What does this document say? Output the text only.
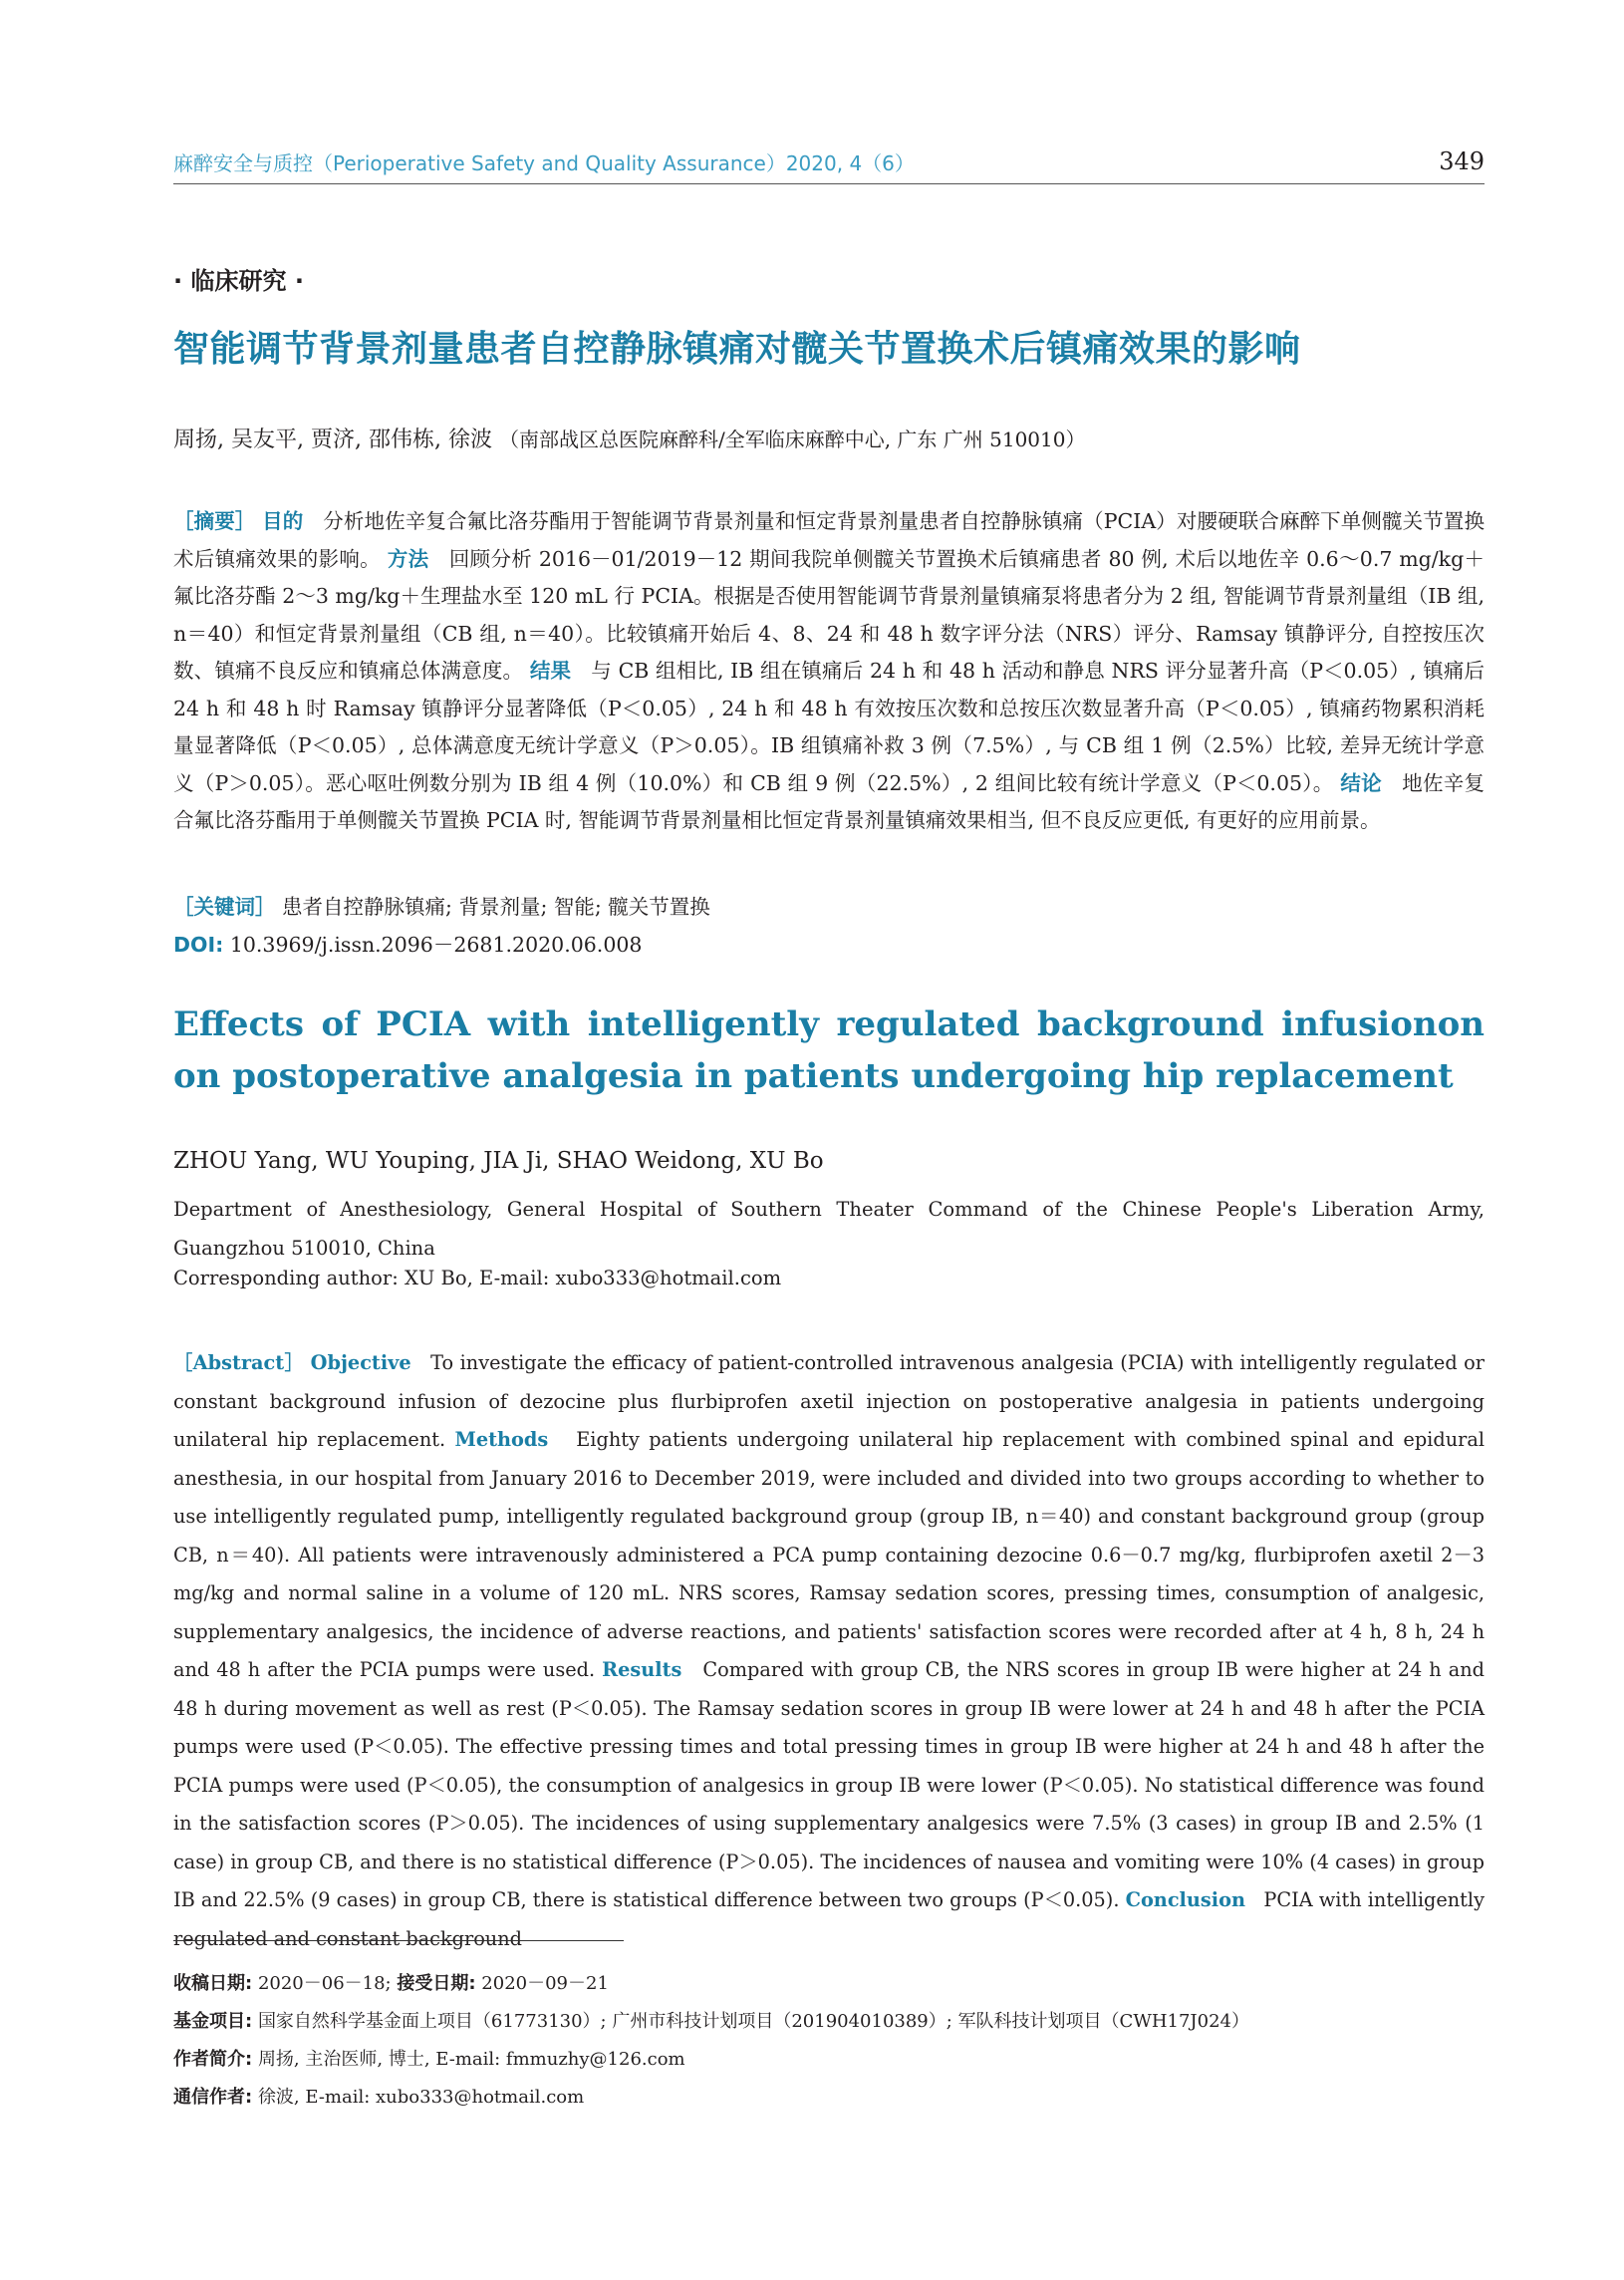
麻醉安全与质控（Perioperative Safety and Quality Assurance）2020, 4（6）	349
· 临床研究 ·
智能调节背景剂量患者自控静脉镇痛对髋关节置换术后镇痛效果的影响
周扬, 吴友平, 贾济, 邵伟栋, 徐波 （南部战区总医院麻醉科/全军临床麻醉中心, 广东 广州 510010）
［摘要］ 目的 分析地佐辛复合氟比洛芬酯用于智能调节背景剂量和恒定背景剂量患者自控静脉镇痛（PCIA）对腰硬联合麻醉下单侧髋关节置换术后镇痛效果的影响。 方法 回顾分析 2016－01/2019－12 期间我院单侧髋关节置换术后镇痛患者 80 例, 术后以地佐辛 0.6～0.7 mg/kg＋氟比洛芬酯 2～3 mg/kg＋生理盐水至 120 mL 行 PCIA。根据是否使用智能调节背景剂量镇痛泵将患者分为 2 组, 智能调节背景剂量组（IB 组, n＝40）和恒定背景剂量组（CB 组, n＝40）。比较镇痛开始后 4、8、24 和 48 h 数字评分法（NRS）评分、Ramsay 镇静评分, 自控按压次数、镇痛不良反应和镇痛总体满意度。 结果 与 CB 组相比, IB 组在镇痛后 24 h 和 48 h 活动和静息 NRS 评分显著升高（P＜0.05）, 镇痛后 24 h 和 48 h 时 Ramsay 镇静评分显著降低（P＜0.05）, 24 h 和 48 h 有效按压次数和总按压次数显著升高（P＜0.05）, 镇痛药物累积消耗量显著降低（P＜0.05）, 总体满意度无统计学意义（P＞0.05）。IB 组镇痛补救 3 例（7.5%）, 与 CB 组 1 例（2.5%）比较, 差异无统计学意义（P＞0.05）。恶心呕吐例数分别为 IB 组 4 例（10.0%）和 CB 组 9 例（22.5%）, 2 组间比较有统计学意义（P＜0.05）。 结论 地佐辛复合氟比洛芬酯用于单侧髋关节置换 PCIA 时, 智能调节背景剂量相比恒定背景剂量镇痛效果相当, 但不良反应更低, 有更好的应用前景。
［关键词］ 患者自控静脉镇痛; 背景剂量; 智能; 髋关节置换
DOI: 10.3969/j.issn.2096－2681.2020.06.008
Effects of PCIA with intelligently regulated background infusionon on postoperative analgesia in patients undergoing hip replacement
ZHOU Yang, WU Youping, JIA Ji, SHAO Weidong, XU Bo
Department of Anesthesiology, General Hospital of Southern Theater Command of the Chinese People's Liberation Army, Guangzhou 510010, China
Corresponding author: XU Bo, E-mail: xubo333@hotmail.com
［Abstract］ Objective To investigate the efficacy of patient-controlled intravenous analgesia (PCIA) with intelligently regulated or constant background infusion of dezocine plus flurbiprofen axetil injection on postoperative analgesia in patients undergoing unilateral hip replacement. Methods Eighty patients undergoing unilateral hip replacement with combined spinal and epidural anesthesia, in our hospital from January 2016 to December 2019, were included and divided into two groups according to whether to use intelligently regulated pump, intelligently regulated background group (group IB, n＝40) and constant background group (group CB, n＝40). All patients were intravenously administered a PCA pump containing dezocine 0.6－0.7 mg/kg, flurbiprofen axetil 2－3 mg/kg and normal saline in a volume of 120 mL. NRS scores, Ramsay sedation scores, pressing times, consumption of analgesic, supplementary analgesics, the incidence of adverse reactions, and patients' satisfaction scores were recorded after at 4 h, 8 h, 24 h and 48 h after the PCIA pumps were used. Results Compared with group CB, the NRS scores in group IB were higher at 24 h and 48 h during movement as well as rest (P＜0.05). The Ramsay sedation scores in group IB were lower at 24 h and 48 h after the PCIA pumps were used (P＜0.05). The effective pressing times and total pressing times in group IB were higher at 24 h and 48 h after the PCIA pumps were used (P＜0.05), the consumption of analgesics in group IB were lower (P＜0.05). No statistical difference was found in the satisfaction scores (P＞0.05). The incidences of using supplementary analgesics were 7.5% (3 cases) in group IB and 2.5% (1 case) in group CB, and there is no statistical difference (P＞0.05). The incidences of nausea and vomiting were 10% (4 cases) in group IB and 22.5% (9 cases) in group CB, there is statistical difference between two groups (P＜0.05). Conclusion PCIA with intelligently regulated and constant background
收稿日期: 2020－06－18; 接受日期: 2020－09－21
基金项目: 国家自然科学基金面上项目（61773130）; 广州市科技计划项目（201904010389）; 军队科技计划项目（CWH17J024）
作者简介: 周扬, 主治医师, 博士, E-mail: fmmuzhy@126.com
通信作者: 徐波, E-mail: xubo333@hotmail.com
